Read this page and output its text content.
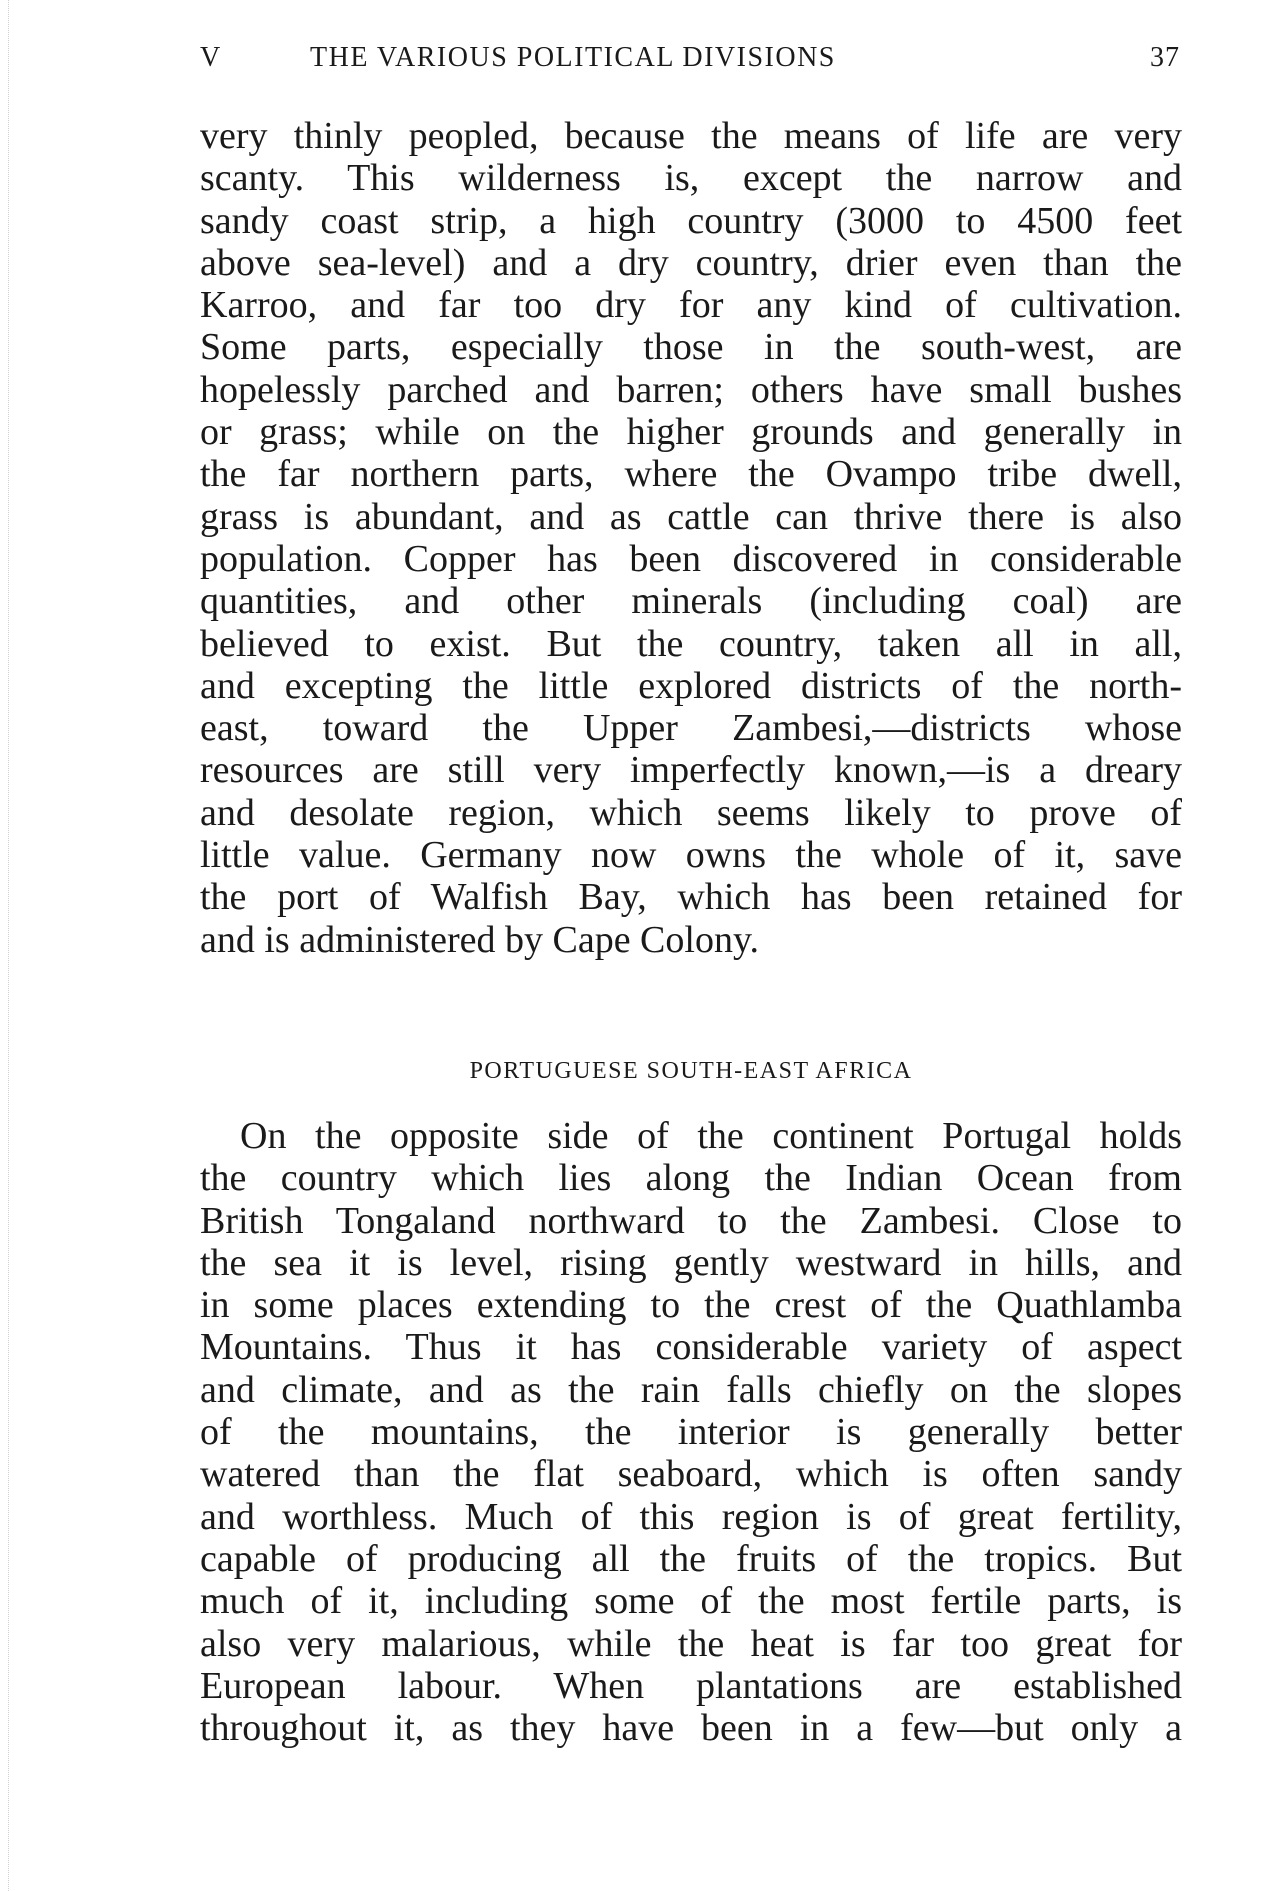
V	THE VARIOUS POLITICAL DIVISIONS	37
very thinly peopled, because the means of life are very
scanty. This wilderness is, except the narrow and
sandy coast strip, a high country (3000 to 4500 feet
above sea-level) and a dry country, drier even than the
Karroo, and far too dry for any kind of cultivation.
Some parts, especially those in the south-west, are
hopelessly parched and barren; others have small bushes
or grass; while on the higher grounds and generally in
the far northern parts, where the Ovampo tribe dwell,
grass is abundant, and as cattle can thrive there is also
population. Copper has been discovered in considerable
quantities, and other minerals (including coal) are
believed to exist. But the country, taken all in all,
and excepting the little explored districts of the north-
east, toward the Upper Zambesi,—districts whose
resources are still very imperfectly known,—is a dreary
and desolate region, which seems likely to prove of
little value. Germany now owns the whole of it, save
the port of Walfish Bay, which has been retained for
and is administered by Cape Colony.
PORTUGUESE SOUTH-EAST AFRICA
On the opposite side of the continent Portugal holds
the country which lies along the Indian Ocean from
British Tongaland northward to the Zambesi. Close to
the sea it is level, rising gently westward in hills, and
in some places extending to the crest of the Quathlamba
Mountains. Thus it has considerable variety of aspect
and climate, and as the rain falls chiefly on the slopes
of the mountains, the interior is generally better
watered than the flat seaboard, which is often sandy
and worthless. Much of this region is of great fertility,
capable of producing all the fruits of the tropics. But
much of it, including some of the most fertile parts, is
also very malarious, while the heat is far too great for
European labour. When plantations are established
throughout it, as they have been in a few—but only a
